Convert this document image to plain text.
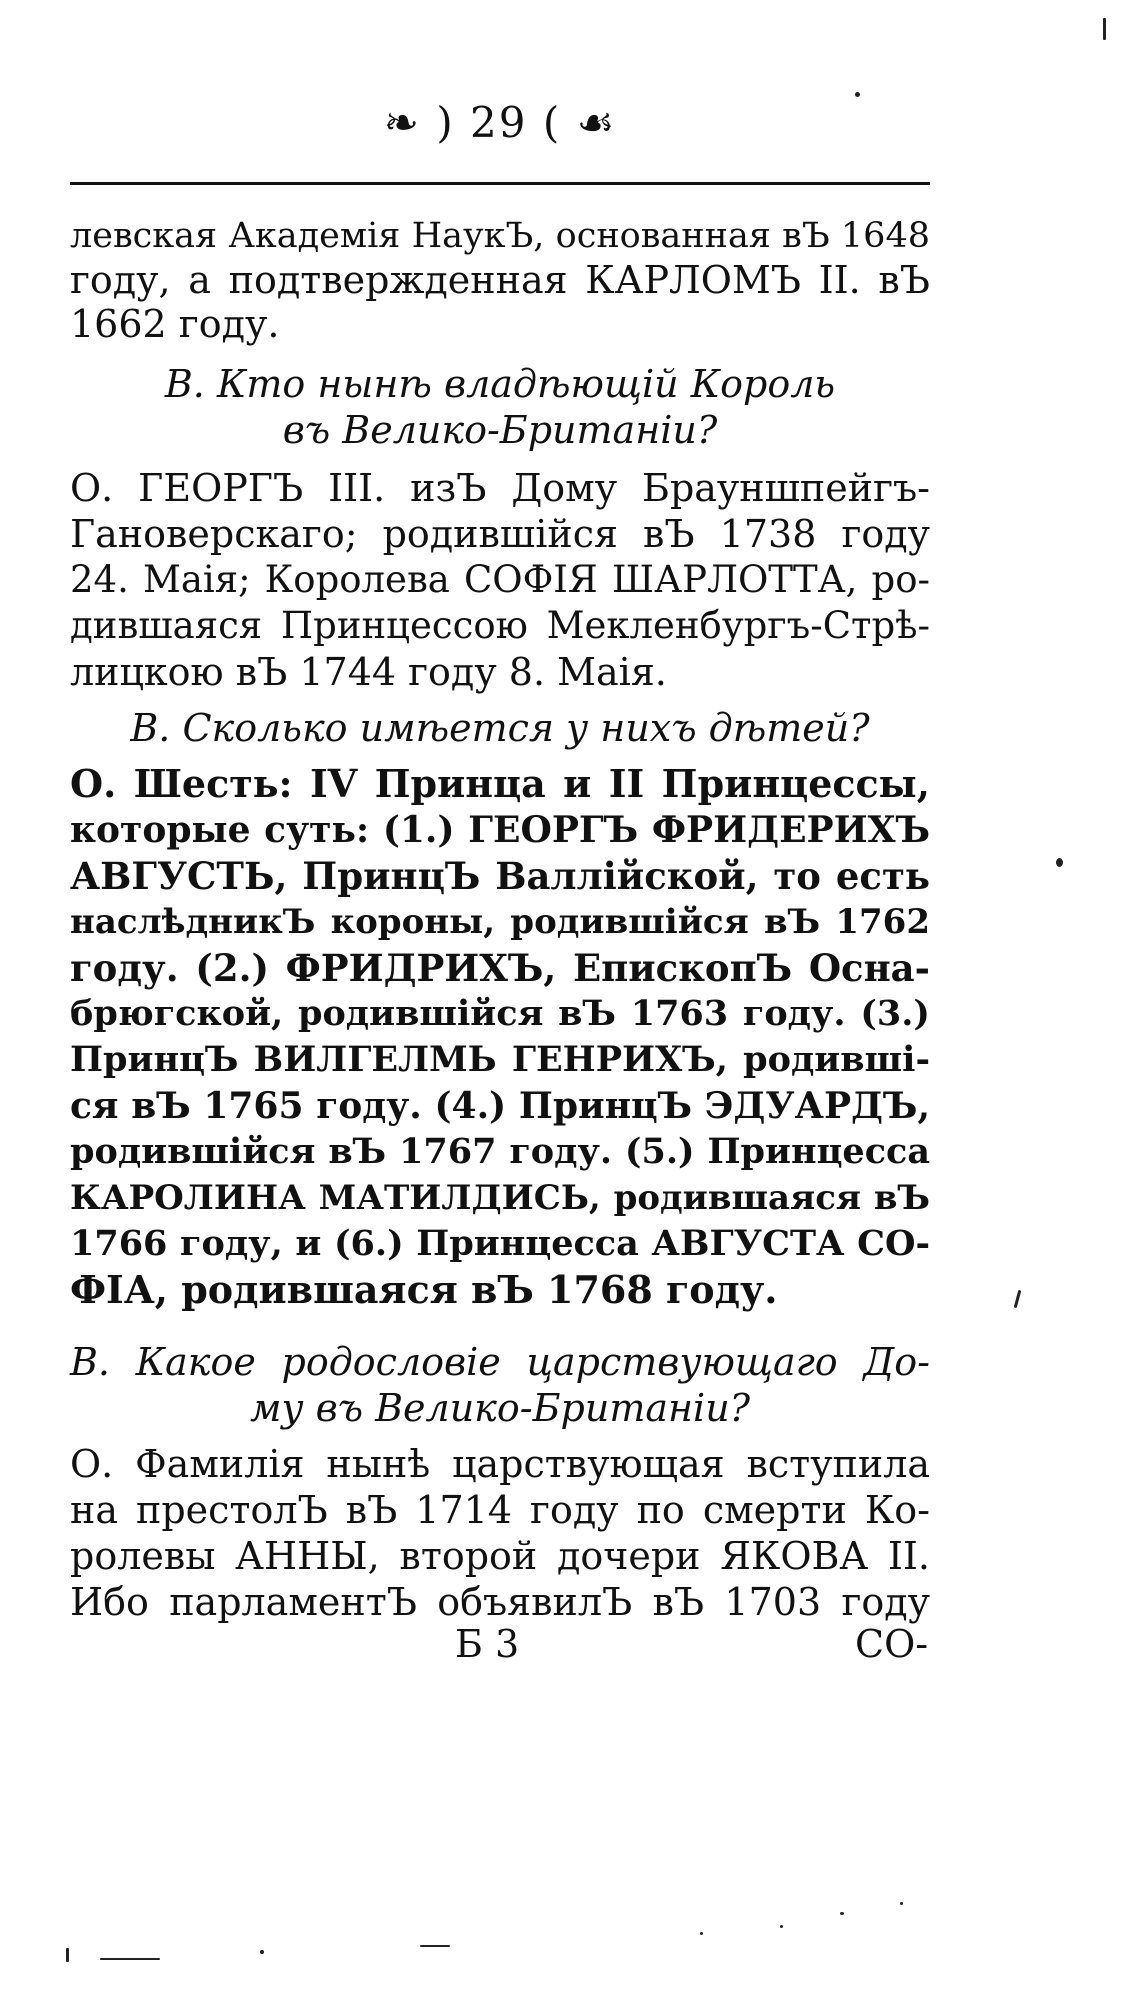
❧ ) 29 ( ☙
левская Академія НаукЪ, основанная вЪ 1648
году, а подтвержденная КАРЛОМЪ II. вЪ
1662 году.
В. Кто нынѣ владѣющій Король
въ Велико-Британіи?
О. ГЕОРГЪ III. изЪ Дому Брауншпейгъ-
Гановерскаго; родившійся вЪ 1738 году
24. Маія; Королева СОФІЯ ШАРЛОТТА, ро-
дившаяся Принцессою Мекленбургъ-Стрѣ-
лицкою вЪ 1744 году 8. Маія.
В. Сколько имѣется у нихъ дѣтей?
О. Шесть: IV Принца и II Принцессы,
которые суть: (1.) ГЕОРГЪ ФРИДЕРИХЪ
АВГУСТЬ, ПринцЪ Валлійской, то есть
наслѣдникЪ короны, родившійся вЪ 1762
году. (2.) ФРИДРИХЪ, ЕпископЪ Оснa-
брюгской, родившійся вЪ 1763 году. (3.)
ПринцЪ ВИЛГЕЛМЬ ГЕНРИХЪ, родивші-
ся вЪ 1765 году. (4.) ПринцЪ ЭДУАРДЪ,
родившійся вЪ 1767 году. (5.) Принцесса
КАРОЛИНА МАТИЛДИСЬ, родившаяся вЪ
1766 году, и (6.) Принцесса АВГУСТА СО-
ФІА, родившаяся вЪ 1768 году.
В. Какое родословіе царствующаго До-
му въ Велико-Британіи?
О. Фамилія нынѣ царствующая вступила
на престолЪ вЪ 1714 году по смерти Ко-
ролевы АННЫ, второй дочери ЯКОВА II.
Ибо парламентЪ объявилЪ вЪ 1703 году
Б 3	СО-
